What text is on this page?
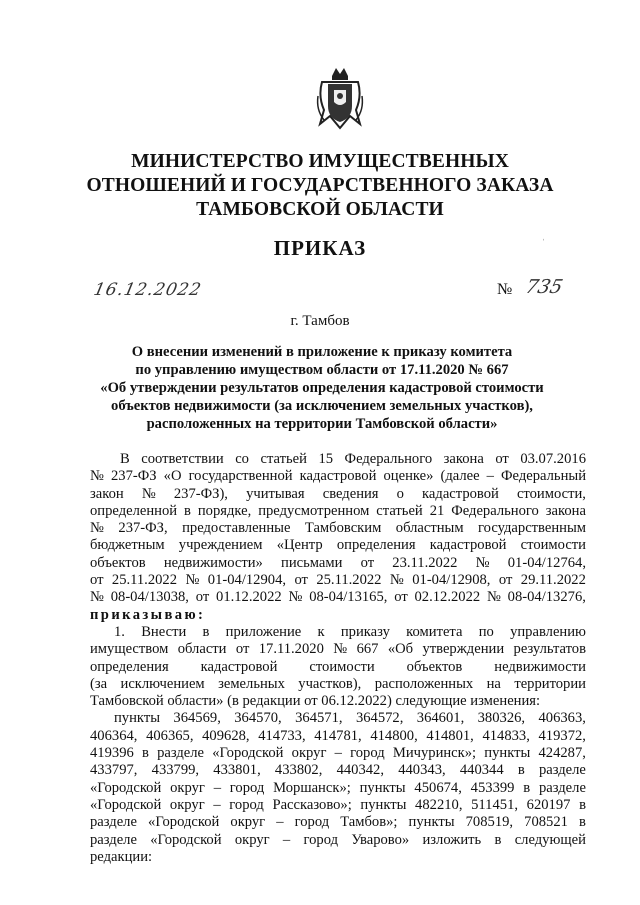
МИНИСТЕРСТВО ИМУЩЕСТВЕННЫХ
ОТНОШЕНИЙ И ГОСУДАРСТВЕННОГО ЗАКАЗА
ТАМБОВСКОЙ ОБЛАСТИ
ПРИКАЗ	ˈ
16.12.2022	№ 735
г. Тамбов
О внесении изменений в приложение к приказу комитета
по управлению имуществом области от 17.11.2020 № 667
«Об утверждении результатов определения кадастровой стоимости
объектов недвижимости (за исключением земельных участков),
расположенных на территории Тамбовской области»
В соответствии со статьей 15 Федерального закона от 03.07.2016
№ 237-ФЗ «О государственной кадастровой оценке» (далее – Федеральный
закон № 237-ФЗ), учитывая сведения о кадастровой стоимости,
определенной в порядке, предусмотренном статьей 21 Федерального закона
№ 237-ФЗ, предоставленные Тамбовским областным государственным
бюджетным учреждением «Центр определения кадастровой стоимости
объектов недвижимости» письмами от 23.11.2022 № 01-04/12764,
от 25.11.2022 № 01-04/12904, от 25.11.2022 № 01-04/12908, от 29.11.2022
№ 08-04/13038, от 01.12.2022 № 08-04/13165, от 02.12.2022 № 08-04/13276,
приказываю:
1. Внести в приложение к приказу комитета по управлению
имуществом области от 17.11.2020 № 667 «Об утверждении результатов
определения кадастровой стоимости объектов недвижимости
(за исключением земельных участков), расположенных на территории
Тамбовской области» (в редакции от 06.12.2022) следующие изменения:
пункты 364569, 364570, 364571, 364572, 364601, 380326, 406363,
406364, 406365, 409628, 414733, 414781, 414800, 414801, 414833, 419372,
419396 в разделе «Городской округ – город Мичуринск»; пункты 424287,
433797, 433799, 433801, 433802, 440342, 440343, 440344 в разделе
«Городской округ – город Моршанск»; пункты 450674, 453399 в разделе
«Городской округ – город Рассказово»; пункты 482210, 511451, 620197 в
разделе «Городской округ – город Тамбов»; пункты 708519, 708521 в
разделе «Городской округ – город Уварово» изложить в следующей
редакции:
